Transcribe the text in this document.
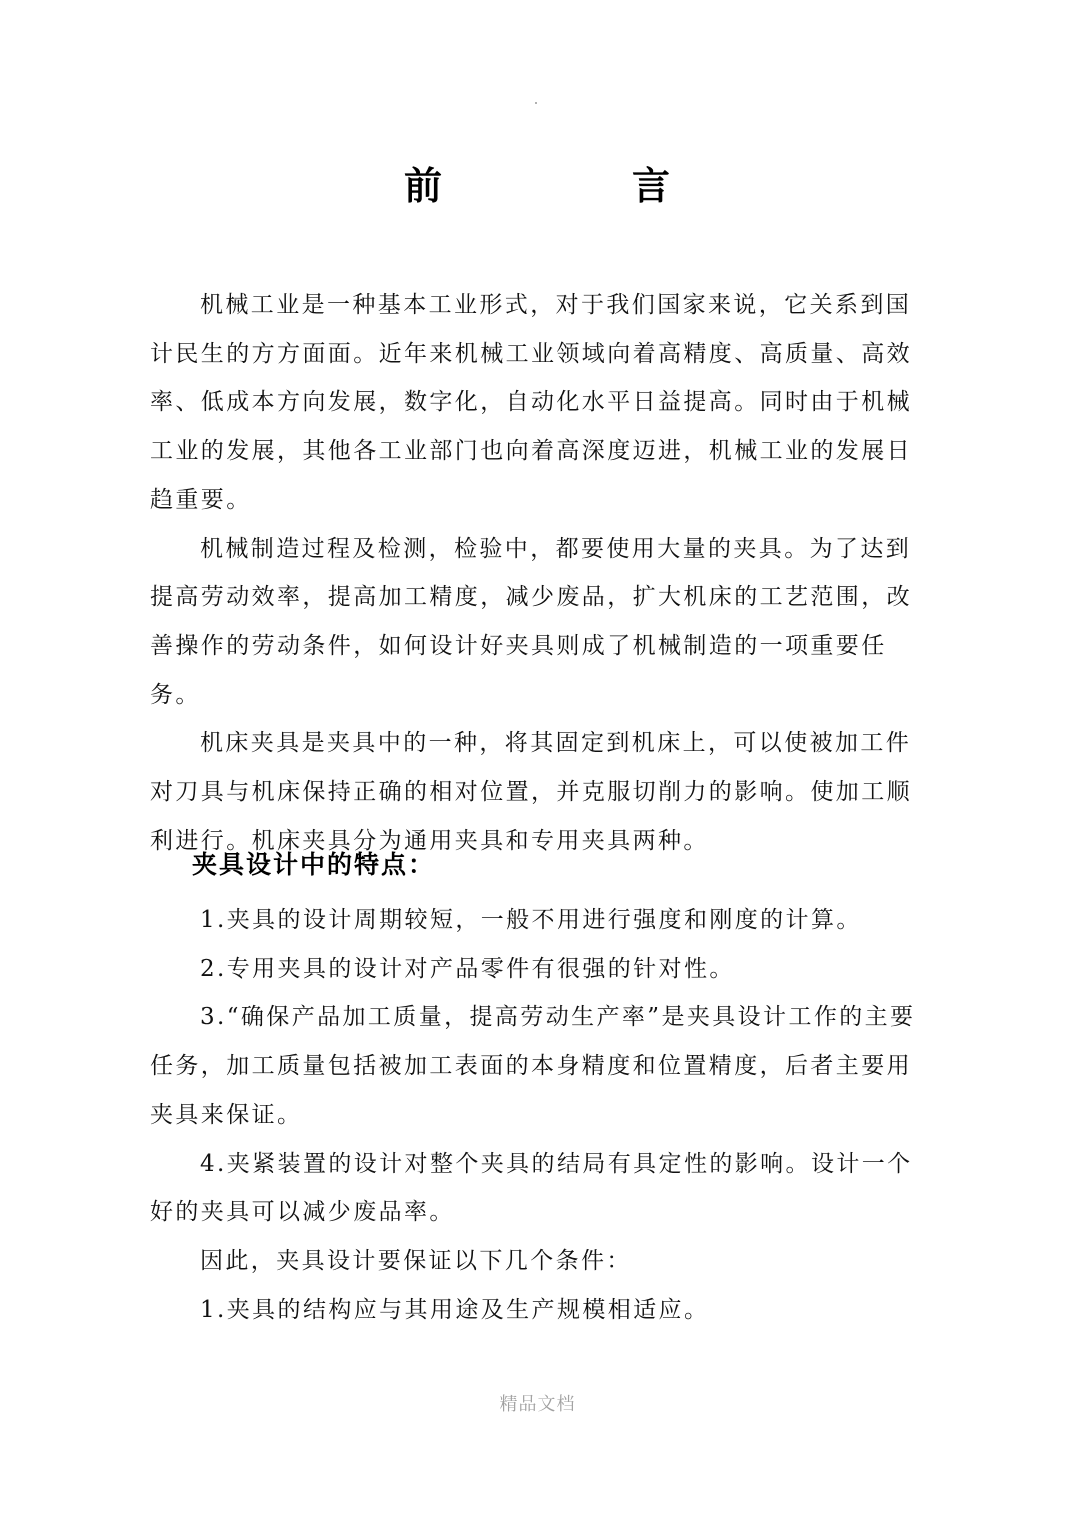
前	言

机械工业是一种基本工业形式，对于我们国家来说，它关系到国计民生的方方面面。近年来机械工业领域向着高精度、高质量、高效率、低成本方向发展，数字化，自动化水平日益提高。同时由于机械工业的发展，其他各工业部门也向着高深度迈进，机械工业的发展日趋重要。

机械制造过程及检测，检验中，都要使用大量的夹具。为了达到提高劳动效率，提高加工精度，减少废品，扩大机床的工艺范围，改善操作的劳动条件，如何设计好夹具则成了机械制造的一项重要任务。

机床夹具是夹具中的一种，将其固定到机床上，可以使被加工件对刀具与机床保持正确的相对位置，并克服切削力的影响。使加工顺利进行。机床夹具分为通用夹具和专用夹具两种。

夹具设计中的特点：

1.夹具的设计周期较短，一般不用进行强度和刚度的计算。

2.专用夹具的设计对产品零件有很强的针对性。

3.“确保产品加工质量，提高劳动生产率”是夹具设计工作的主要任务，加工质量包括被加工表面的本身精度和位置精度，后者主要用夹具来保证。

4.夹紧装置的设计对整个夹具的结局有具定性的影响。设计一个好的夹具可以减少废品率。

因此，夹具设计要保证以下几个条件：

1.夹具的结构应与其用途及生产规模相适应。

精品文档
